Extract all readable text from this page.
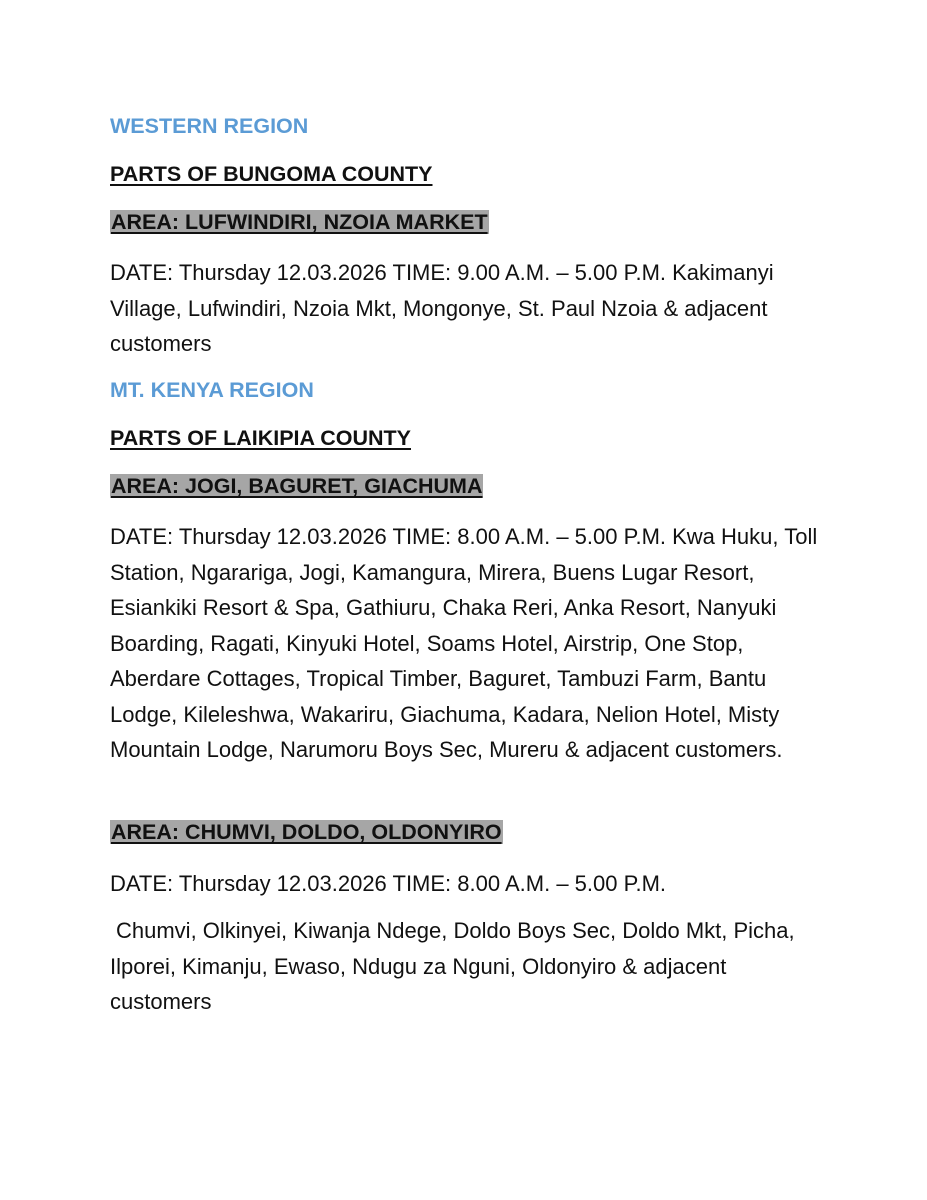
WESTERN REGION
PARTS OF BUNGOMA COUNTY
AREA: LUFWINDIRI, NZOIA MARKET
DATE: Thursday 12.03.2026 TIME: 9.00 A.M. – 5.00 P.M. Kakimanyi Village, Lufwindiri, Nzoia Mkt, Mongonye, St. Paul Nzoia & adjacent customers
MT. KENYA REGION
PARTS OF LAIKIPIA COUNTY
AREA: JOGI, BAGURET, GIACHUMA
DATE: Thursday 12.03.2026 TIME: 8.00 A.M. – 5.00 P.M. Kwa Huku, Toll Station, Ngarariga, Jogi, Kamangura, Mirera, Buens Lugar Resort, Esiankiki Resort & Spa, Gathiuru, Chaka Reri, Anka Resort, Nanyuki Boarding, Ragati, Kinyuki Hotel, Soams Hotel, Airstrip, One Stop, Aberdare Cottages, Tropical Timber, Baguret, Tambuzi Farm, Bantu Lodge, Kileleshwa, Wakariru, Giachuma, Kadara, Nelion Hotel, Misty Mountain Lodge, Narumoru Boys Sec, Mureru & adjacent customers.
AREA: CHUMVI, DOLDO, OLDONYIRO
DATE: Thursday 12.03.2026 TIME: 8.00 A.M. – 5.00 P.M.
Chumvi, Olkinyei, Kiwanja Ndege, Doldo Boys Sec, Doldo Mkt, Picha, Ilporei, Kimanju, Ewaso, Ndugu za Nguni, Oldonyiro & adjacent customers
